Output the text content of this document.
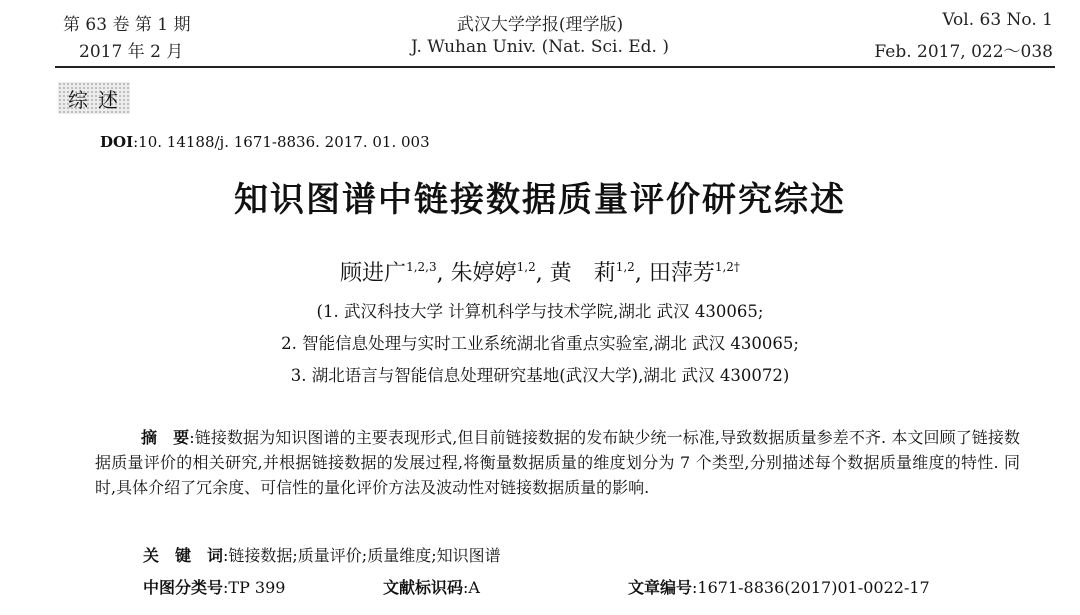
第 63 卷 第 1 期
2017 年 2 月
武汉大学学报(理学版)
J. Wuhan Univ. (Nat. Sci. Ed. )
Vol. 63 No. 1
Feb. 2017, 022～038
综述
DOI:10. 14188/j. 1671-8836. 2017. 01. 003
知识图谱中链接数据质量评价研究综述
顾进广$^{1,2,3}$, 朱婷婷$^{1,2}$, 黄　莉$^{1,2}$, 田萍芳$^{1,2\dagger}$
(1. 武汉科技大学 计算机科学与技术学院,湖北 武汉 430065;
2. 智能信息处理与实时工业系统湖北省重点实验室,湖北 武汉 430065;
3. 湖北语言与智能信息处理研究基地(武汉大学),湖北 武汉 430072)
摘　要:链接数据为知识图谱的主要表现形式,但目前链接数据的发布缺少统一标准,导致数据质量参差不齐. 本文回顾了链接数据质量评价的相关研究,并根据链接数据的发展过程,将衡量数据质量的维度划分为 7 个类型,分别描述每个数据质量维度的特性. 同时,具体介绍了冗余度、可信性的量化评价方法及波动性对链接数据质量的影响.
关　键　词:链接数据;质量评价;质量维度;知识图谱
中图分类号:TP 399	文献标识码:A	文章编号:1671-8836(2017)01-0022-17
